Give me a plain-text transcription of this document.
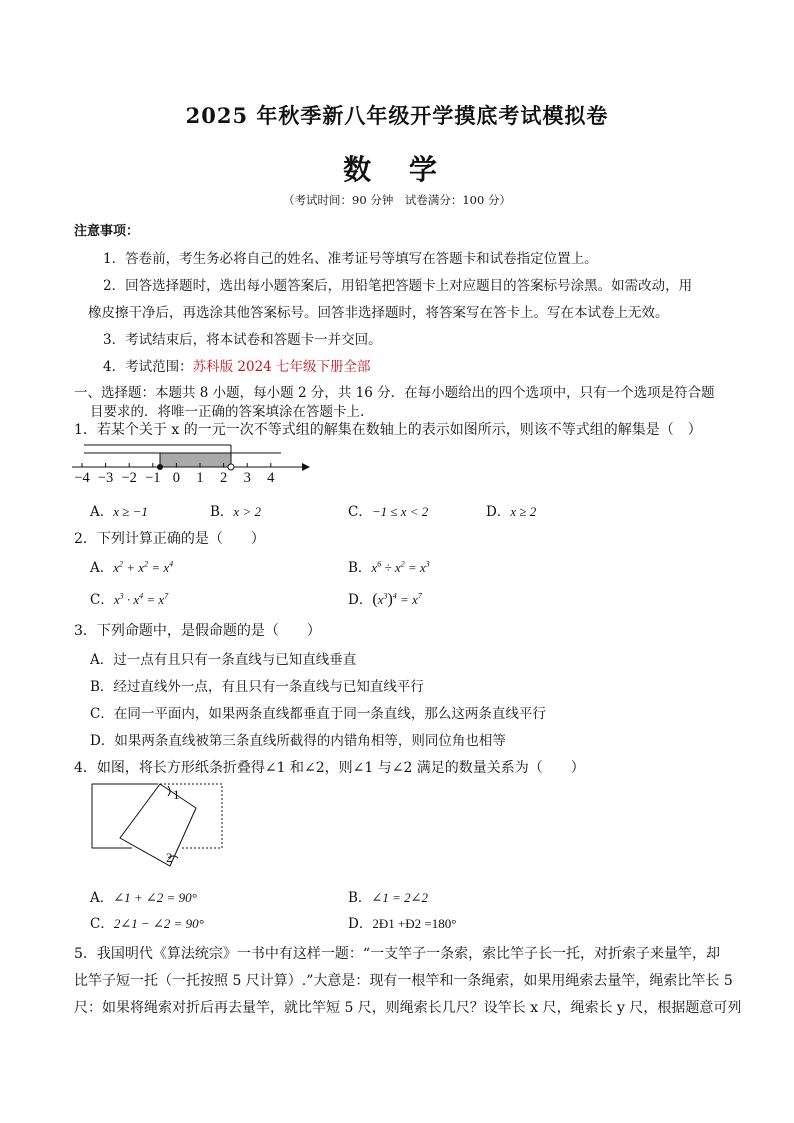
2025 年秋季新八年级开学摸底考试模拟卷
数 学
（考试时间：90 分钟　试卷满分：100 分）
注意事项：
1．答卷前，考生务必将自己的姓名、准考证号等填写在答题卡和试卷指定位置上。
2．回答选择题时，选出每小题答案后，用铅笔把答题卡上对应题目的答案标号涂黑。如需改动，用
橡皮擦干净后，再选涂其他答案标号。回答非选择题时，将答案写在答卡上。写在本试卷上无效。
3．考试结束后，将本试卷和答题卡一并交回。
4．考试范围：苏科版 2024 七年级下册全部
一、选择题：本题共 8 小题，每小题 2 分，共 16 分．在每小题给出的四个选项中，只有一个选项是符合题
目要求的．将唯一正确的答案填涂在答题卡上.
1．若某个关于 x 的一元一次不等式组的解集在数轴上的表示如图所示，则该不等式组的解集是（　）
−4 −3 −2 −1 0	1	2	3	4
A．x ≥ −1	B．x > 2	C．−1 ≤ x < 2	D．x ≥ 2
2．下列计算正确的是（　　）
A．$x^2 + x^2 = x^4$	B．$x^6 \div x^2 = x^3$
C．$x^3 \cdot x^4 = x^7$	D．$(x^3)^4 = x^7$
3．下列命题中，是假命题的是（　　）
A．过一点有且只有一条直线与已知直线垂直
B．经过直线外一点，有且只有一条直线与已知直线平行
C．在同一平面内，如果两条直线都垂直于同一条直线，那么这两条直线平行
D．如果两条直线被第三条直线所截得的内错角相等，则同位角也相等
4．如图，将长方形纸条折叠得∠1 和∠2，则∠1 与∠2 满足的数量关系为（　　）
1
2
A．∠1 + ∠2 = 90°	B．∠1 = 2∠2
C．2∠1 − ∠2 = 90°	D．2Ð1 +Ð2 =180°
5．我国明代《算法统宗》一书中有这样一题：“一支竿子一条索，索比竿子长一托，对折索子来量竿，却
比竿子短一托（一托按照 5 尺计算）.”大意是：现有一根竿和一条绳索，如果用绳索去量竿，绳索比竿长 5
尺：如果将绳索对折后再去量竿，就比竿短 5 尺，则绳索长几尺？设竿长 x 尺，绳索长 y 尺，根据题意可列
